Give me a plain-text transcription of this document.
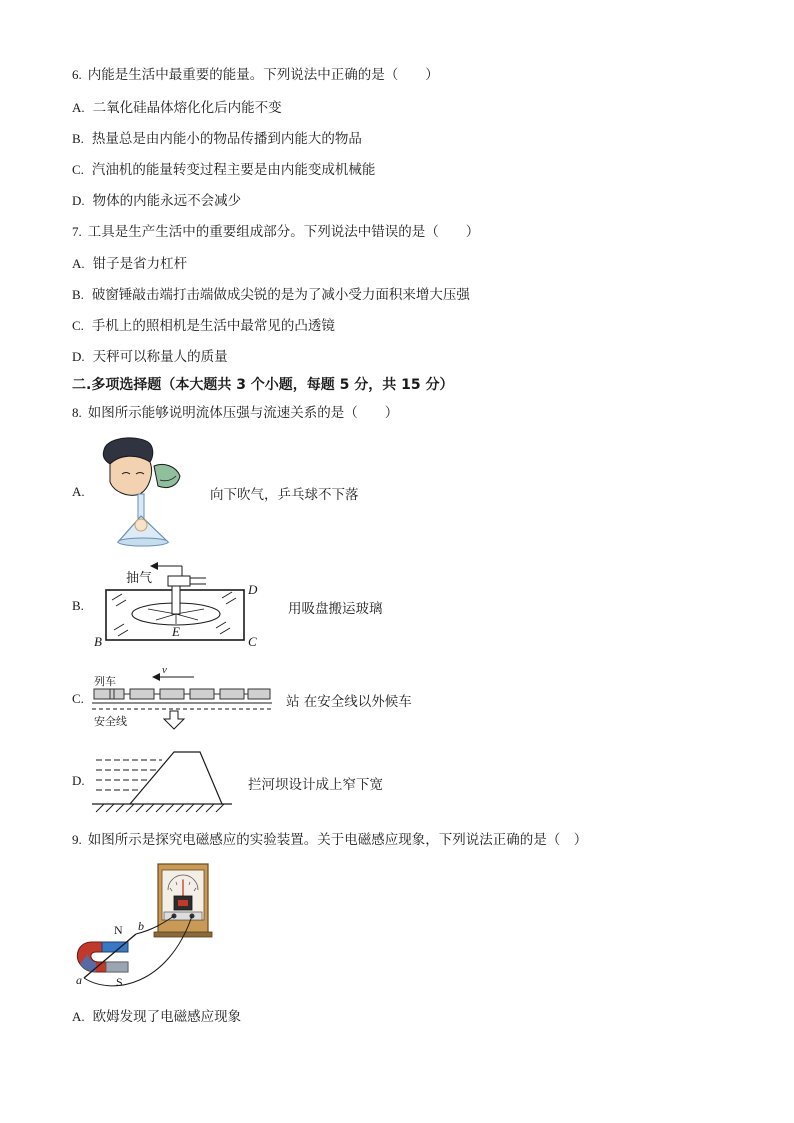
6. 内能是生活中最重要的能量。下列说法中正确的是（　　）
A. 二氧化硅晶体熔化化后内能不变
B. 热量总是由内能小的物品传播到内能大的物品
C. 汽油机的能量转变过程主要是由内能变成机械能
D. 物体的内能永远不会减少
7. 工具是生产生活中的重要组成部分。下列说法中错误的是（　　）
A. 钳子是省力杠杆
B. 破窗锤敲击端打击端做成尖锐的是为了减小受力面积来增大压强
C. 手机上的照相机是生活中最常见的凸透镜
D. 天秤可以称量人的质量
二.多项选择题（本大题共 3 个小题，每题 5 分，共 15 分）
8. 如图所示能够说明流体压强与流速关系的是（　　）
A.	向下吹气，乒乓球不下落
B.
抽气
D
B	C
E
用吸盘搬运玻璃
C.
列车
v
安全线
站 在安全线以外候车
D.	拦河坝设计成上窄下宽
9. 如图所示是探究电磁感应的实验装置。关于电磁感应现象，下列说法正确的是（　）
N b
a	S
A. 欧姆发现了电磁感应现象
